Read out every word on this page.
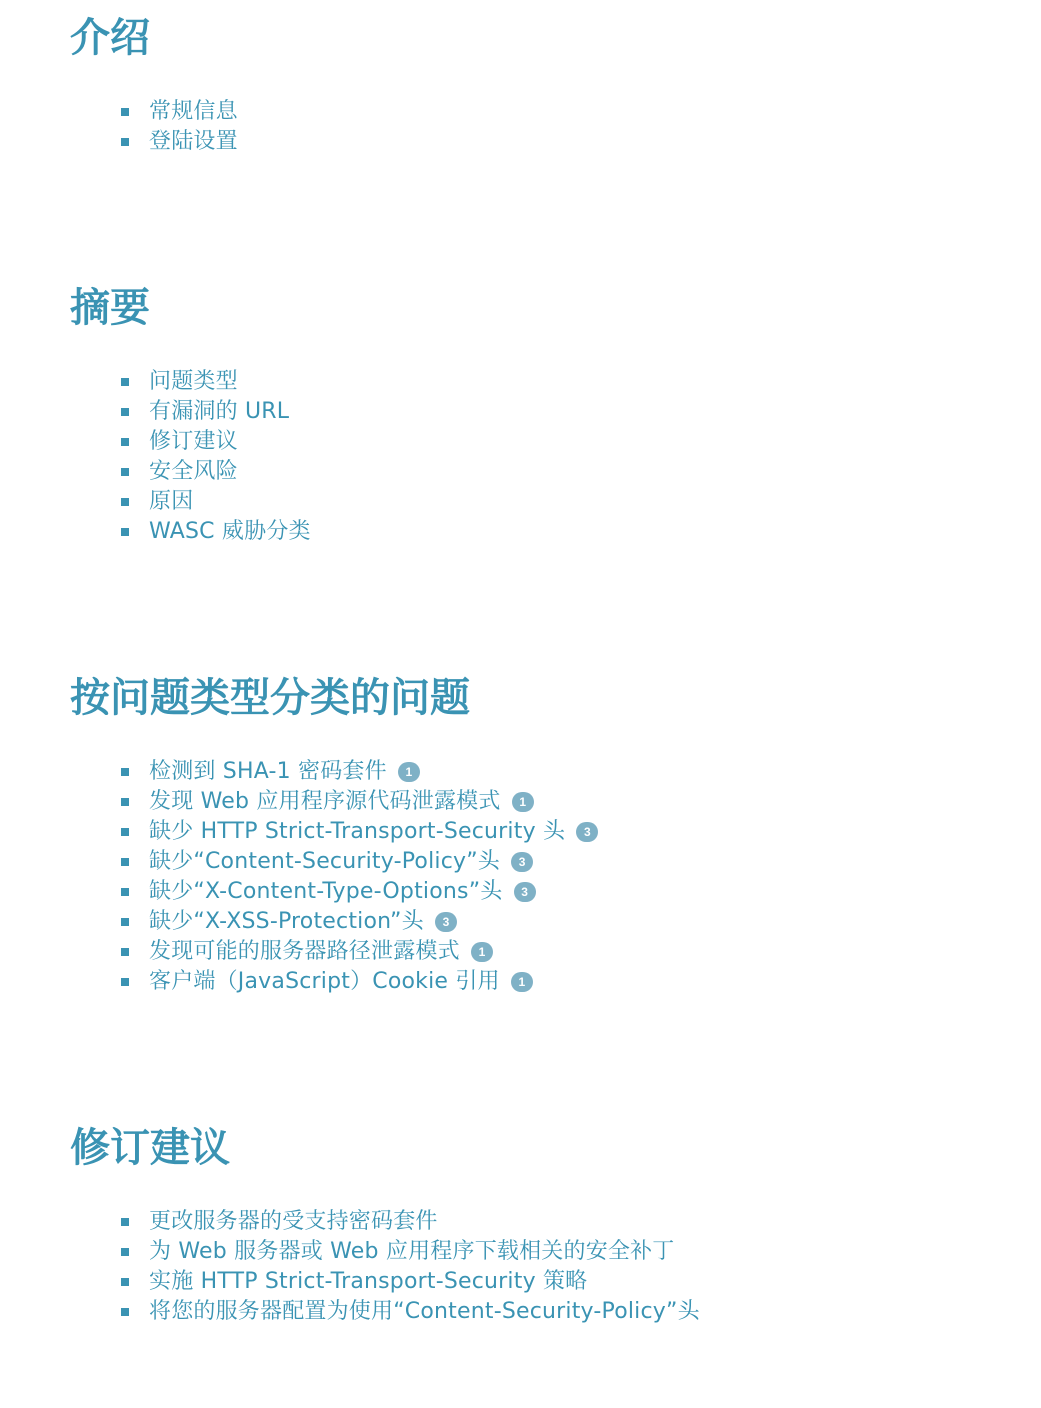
介绍
常规信息
登陆设置
摘要
问题类型
有漏洞的 URL
修订建议
安全风险
原因
WASC 威胁分类
按问题类型分类的问题
检测到 SHA-1 密码套件 1
发现 Web 应用程序源代码泄露模式 1
缺少 HTTP Strict-Transport-Security 头 3
缺少“Content-Security-Policy”头 3
缺少“X-Content-Type-Options”头 3
缺少“X-XSS-Protection”头 3
发现可能的服务器路径泄露模式 1
客户端（JavaScript）Cookie 引用 1
修订建议
更改服务器的受支持密码套件
为 Web 服务器或 Web 应用程序下载相关的安全补丁
实施 HTTP Strict-Transport-Security 策略
将您的服务器配置为使用“Content-Security-Policy”头
